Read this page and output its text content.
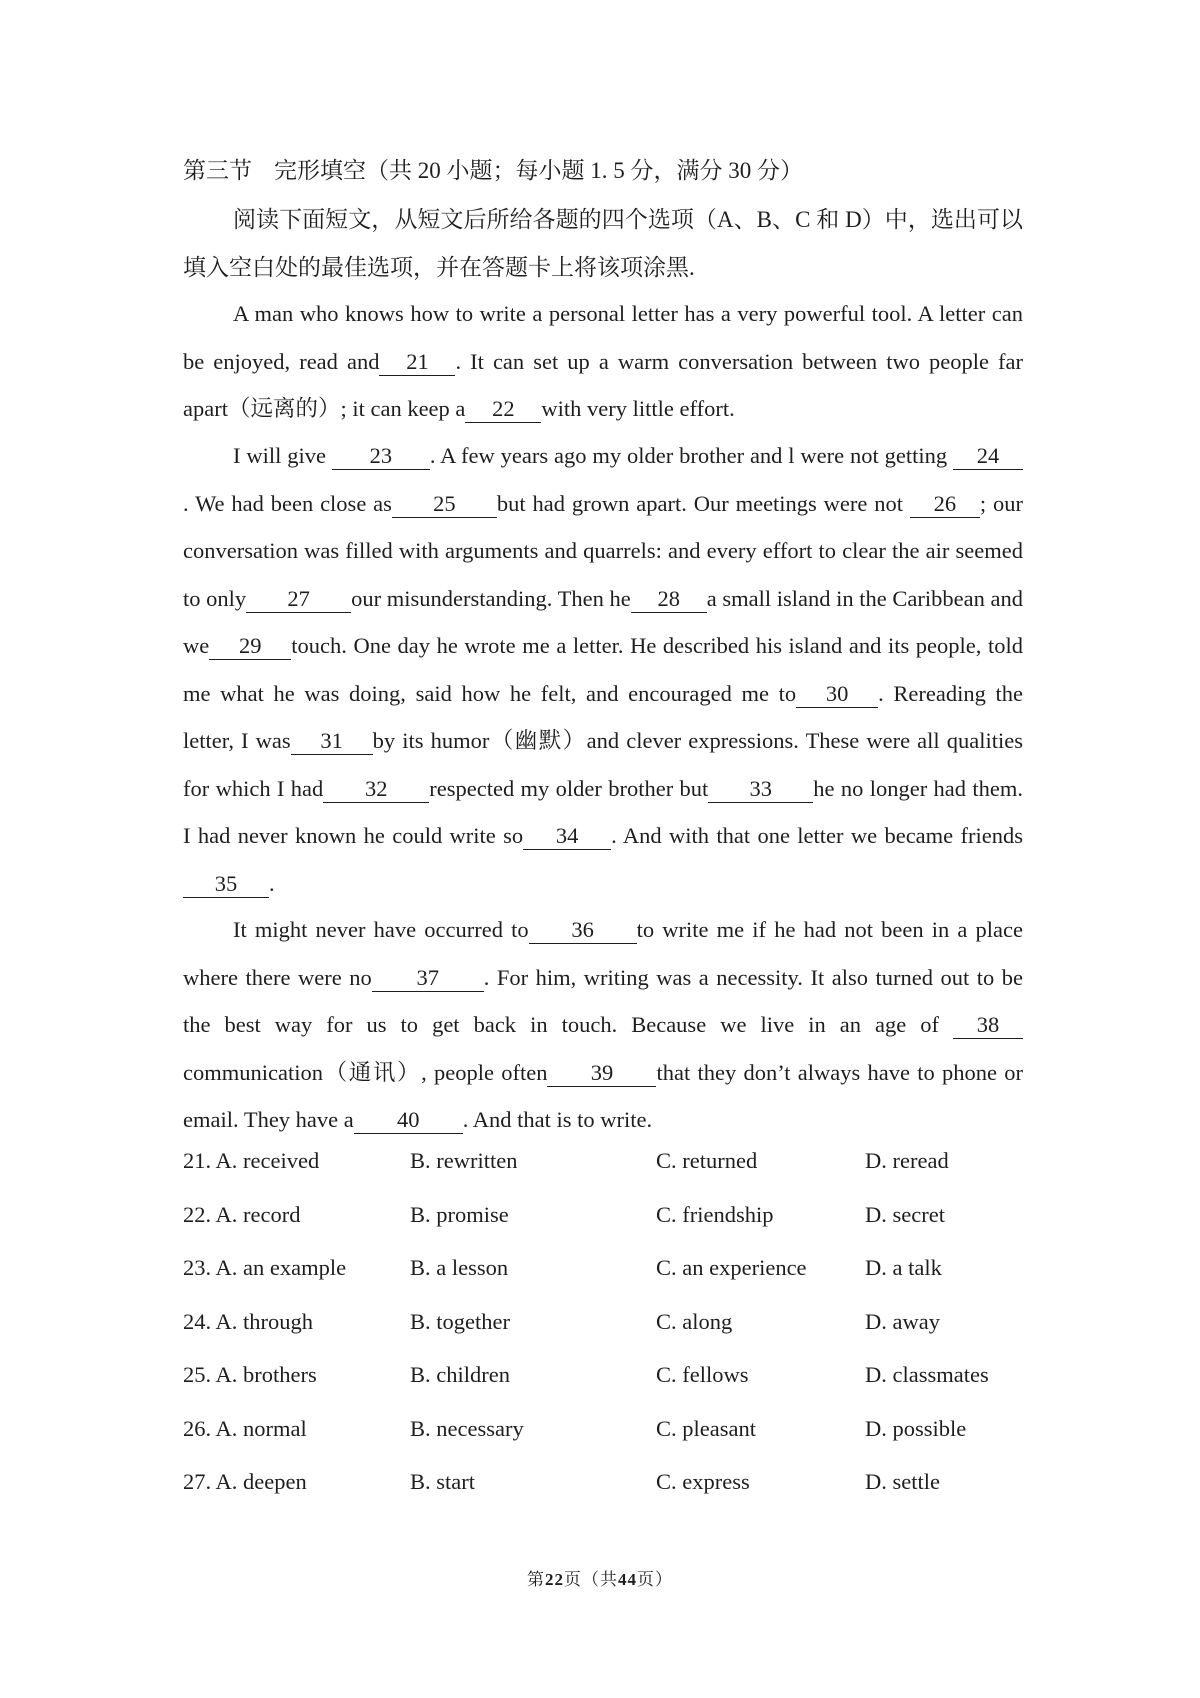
第三节 完形填空（共 20 小题；每小题 1. 5 分，满分 30 分）
阅读下面短文，从短文后所给各题的四个选项（A、B、C 和 D）中，选出可以填入空白处的最佳选项，并在答题卡上将该项涂黑.
A man who knows how to write a personal letter has a very powerful tool. A letter can be enjoyed, read and 21 . It can set up a warm conversation between two people far apart（远离的）; it can keep a 22 with very little effort.
I will give 23 . A few years ago my older brother and l were not getting 24. We had been close as 25 but had grown apart. Our meetings were not 26 ; our conversation was filled with arguments and quarrels: and every effort to clear the air seemed to only 27 our misunderstanding. Then he 28 a small island in the Caribbean and we 29 touch. One day he wrote me a letter. He described his island and its people, told me what he was doing, said how he felt, and encouraged me to 30 . Rereading the letter, I was 31 by its humor（幽默）and clever expressions. These were all qualities for which I had 32 respected my older brother but 33 he no longer had them. I had never known he could write so 34 . And with that one letter we became friends35 .
It might never have occurred to 36 to write me if he had not been in a place where there were no 37 . For him, writing was a necessity. It also turned out to be the best way for us to get back in touch. Because we live in an age of 38 communication（通讯）, people often 39 that they don’t always have to phone or email. They have a 40 . And that is to write.
21. A. received	B. rewritten	C. returned	D. reread
22. A. record	B. promise	C. friendship	D. secret
23. A. an example	B. a lesson	C. an experience	D. a talk
24. A. through	B. together	C. along	D. away
25. A. brothers	B. children	C. fellows	D. classmates
26. A. normal	B. necessary	C. pleasant	D. possible
27. A. deepen	B. start	C. express	D. settle
第22页（共44页）
